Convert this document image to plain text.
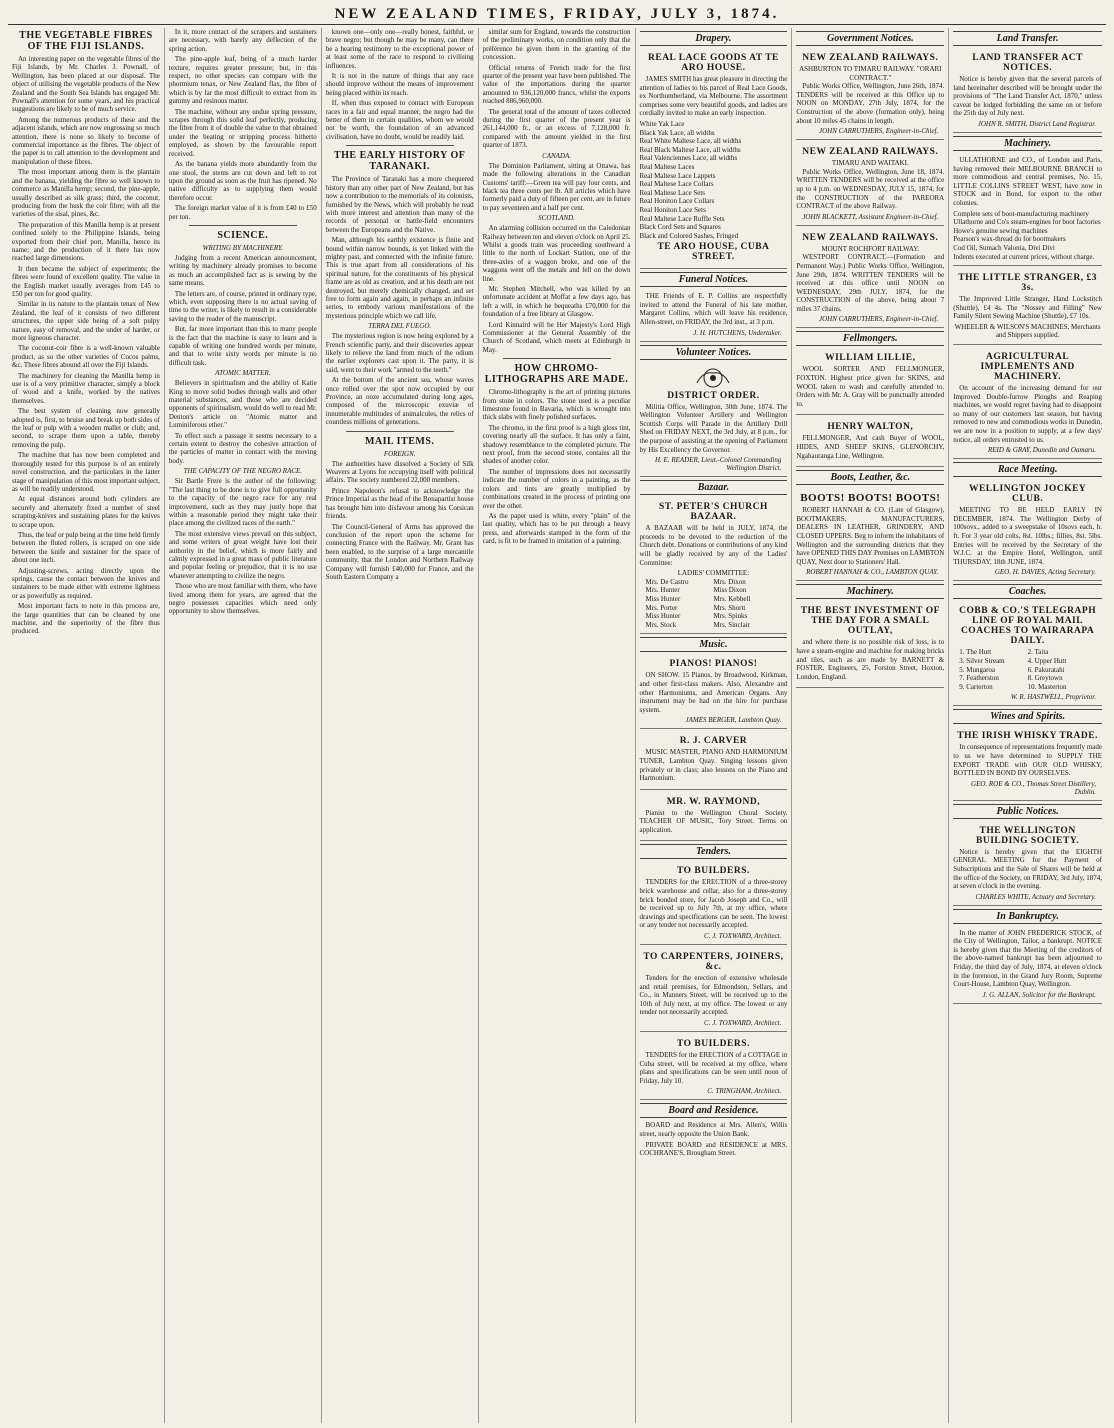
NEW ZEALAND TIMES, FRIDAY, JULY 3, 1874.
THE VEGETABLE FIBRES OF THE FIJI ISLANDS.

An interesting paper on the vegetable fibres of the Fiji Islands, by Mr. Charles J. Pownall, of Wellington, has been placed at our disposal. The object of utilising the vegetable products of the New Zealand and the South Sea Islands has engaged Mr. Pownall's attention for some years, and his practical suggestions are likely to be of much service.

Among the numerous products of these and the adjacent islands, which are now engrossing so much attention, there is none so likely to become of commercial importance as the fibres. The object of the paper is to call attention to the development and manipulation of these fibres.

The most important among them is the plantain and the banana, yielding the fibre so well known to commerce as Manilla hemp; second, the pine-apple, usually described as silk grass; third, the coconut, producing from the husk the coir fibre; with all the varieties of the sisal, pines, &c.

The preparation of this Manilla hemp is at present confined solely to the Philippine Islands, being exported from their chief port, Manilla, hence its name; and the production of it there has now reached large dimensions.

It then became the subject of experiments; the fibres were found of excellent quality. The value in the English market usually averages from £45 to £50 per ton for good quality.

Similar in its nature to the plantain tenax of New Zealand, the leaf of it consists of two different structures, the upper side being of a soft pulpy nature, easy of removal, and the under of harder, or more ligneous character.

The coconut-coir fibre is a well-known valuable product, as so the other varieties of Cocos palms, &c. These fibres abound all over the Fiji Islands.

The machinery for cleaning the Manilla hemp in use is of a very primitive character, simply a block of wood and a knife, worked by the natives themselves.

The best system of cleaning now generally adopted is, first, to bruise and break up both sides of the leaf or pulp with a wooden mallet or club; and, second, to scrape them upon a table, thereby removing the pulp.

The machine that has now been completed and thoroughly tested for this purpose is of an entirely novel construction, and the particulars in the latter stage of manipulation of this most important subject, as will be readily understood.

At equal distances around both cylinders are securely and alternately fixed a number of steel scraping-knives and sustaining plates for the knives to scrape upon.

Thus, the leaf or pulp being at the time held firmly between the fluted rollers, is scraped on one side between the knife and sustainer for the space of about one inch.

Adjusting-screws, acting directly upon the springs, cause the contact between the knives and sustainers to be made either with extreme lightness or as powerfully as required.

Most important facts to note in this process are, the large quantities that can be cleaned by one machine, and the superiority of the fibre thus produced.

In it, more contact of the scrapers and sustainers are necessary, with barely any deflection of the spring action.

The pine-apple leaf, being of a much harder texture, requires greater pressure; but, in this respect, no other species can compare with the phormium tenax, or New Zealand flax, the fibre of which is by far the most difficult to extract from its gummy and resinous matter.

The machine, without any undue spring pressure, scrapes through this solid leaf perfectly, producing the fibre from it of double the value to that obtained under the beating or stripping process hitherto employed, as shown by the favourable report received.

As the banana yields more abundantly from the one stool, the stems are cut down and left to rot upon the ground as soon as the fruit has ripened. No native difficulty as to supplying them would therefore occur.

The foreign market value of it is from £40 to £50 per ton.

SCIENCE.
WRITING BY MACHINERY.

Judging from a recent American announcement, writing by machinery already promises to become as much an accomplished fact as is sewing by the same means.

The letters are, of course, printed in ordinary type, which, even supposing there is no actual saving of time to the writer, is likely to result in a considerable saving to the reader of the manuscript.

But, far more important than this to many people is the fact that the machine is easy to learn and is capable of writing one hundred words per minute, and that to write sixty words per minute is no difficult task.

ATOMIC MATTER.

Believers in spiritualism and the ability of Katie King to move solid bodies through walls and other material substances, and those who are decided opponents of spiritualism, would do well to read Mr. Denton's article on "Atomic matter and Luminiferous ether."

To effect such a passage it seems necessary to a certain extent to destroy the cohesive attraction of the particles of matter in contact with the moving body.

THE CAPACITY OF THE NEGRO RACE.

Sir Bartle Frere is the author of the following: "The last thing to be done is to give full opportunity to the capacity of the negro race for any real improvement, such as they may justly hope that within a reasonable period they might take their place among the civilized races of the earth."

The most extensive views prevail on this subject, and some writers of great weight have lost their authority in the belief, which is more fairly and calmly expressed in a great mass of public literature and popular feeling or prejudice, that it is no use whatever attempting to civilize the negro.

Those who are most familiar with them, who have lived among them for years, are agreed that the negro possesses capacities which need only opportunity to show themselves.

known one—only one—really honest, faithful, or brave negro; but though he may be many, can there be a hearing testimony to the exceptional power of at least some of the race to respond to civilising influences.

It is not in the nature of things that any race should improve without the means of improvement being placed within its reach.

If, when thus exposed to contact with European races in a fair and equal manner, the negro had the better of them in certain qualities, whom we would not be worth, the foundation of an advanced civilisation, have no doubt, would be readily laid.

THE EARLY HISTORY OF TARANAKI.

The Province of Taranaki has a more chequered history than any other part of New Zealand, but has now a contribution to the memorials of its colonists, furnished by the News, which will probably be read with more interest and attention than many of the records of personal or battle-field encounters between the Europeans and the Native.

Man, although his earthly existence is finite and bound within narrow bounds, is yet linked with the mighty past, and connected with the infinite future. This is true apart from all considerations of his spiritual nature, for the constituents of his physical frame are as old as creation, and at his death are not destroyed, but merely chemically changed, and set free to form again and again, in perhaps an infinite series, to embody various manifestations of the mysterious principle which we call life.

TERRA DEL FUEGO.

The mysterious region is now being explored by a French scientific party, and their discoveries appear likely to relieve the land from much of the odium the earlier explorers cast upon it. The party, it is said, went to their work "armed to the teeth."

At the bottom of the ancient sea, whose waves once rolled over the spot now occupied by our Province, an ooze accumulated during long ages, composed of the microscopic exuviæ of innumerable multitudes of animalcules, the relics of countless millions of generations.

MAIL ITEMS.
FOREIGN.

The authorities have dissolved a Society of Silk Weavers at Lyons for occupying itself with political affairs. The society numbered 22,000 members.

Prince Napoleon's refusal to acknowledge the Prince Imperial as the head of the Bonapartist house has brought him into disfavour among his Corsican friends.

The Council-General of Arms has approved the conclusion of the report upon the scheme for connecting France with the Railway. Mr. Grant has been enabled, to the surprise of a large mercantile community, that the London and Northern Railway Company will furnish £40,000 for France, and the South Eastern Company a

similar sum for England, towards the construction of the preliminary works, on condition only that the préférence be given them in the granting of the concession.

Official returns of French trade for the first quarter of the present year have been published. The value of the importations during the quarter amounted to 936,120,000 francs, whilst the exports reached 886,960,000.

The general total of the amount of taxes collected during the first quarter of the present year is 261,144,000 fr., or an excess of 7,128,000 fr. compared with the amount yielded in the first quarter of 1873.

CANADA.

The Dominion Parliament, sitting at Ottawa, has made the following alterations in the Canadian Customs' tariff:—Green tea will pay four cents, and black tea three cents per lb. All articles which have formerly paid a duty of fifteen per cent. are in future to pay seventeen and a half per cent.

SCOTLAND.

An alarming collision occurred on the Caledonian Railway between ten and eleven o'clock on April 25. Whilst a goods train was proceeding southward a little to the north of Lockart Station, one of the three-axles of a waggon broke, and one of the waggons went off the metals and fell on the down line.

Mr. Stephen Mitchell, who was killed by an unfortunate accident at Moffat a few days ago, has left a will, in which he bequeaths £70,000 for the foundation of a free library at Glasgow.

Lord Kinnaird will be Her Majesty's Lord High Commissioner at the General Assembly of the Church of Scotland, which meets at Edinburgh in May.

HOW CHROMO-LITHOGRAPHS ARE MADE.

Chromo-lithography is the art of printing pictures from stone in colors. The stone used is a peculiar limestone found in Bavaria, which is wrought into thick slabs with finely polished surfaces.

The chromo, in the first proof is a high gloss tint, covering nearly all the surface. It has only a faint, shadowy resemblance to the completed picture. The next proof, from the second stone, contains all the shades of another color.

The number of impressions does not necessarily indicate the number of colors in a painting, as the colors and tints are greatly multiplied by combinations created in the process of printing one over the other.

As the paper used is white, every "plain" of the last quality, which has to be put through a heavy press, and afterwards stamped in the form of the card, is fit to be framed in imitation of a painting.

Drapery.
REAL LACE GOODS AT TE ARO HOUSE.

JAMES SMITH has great pleasure in directing the attention of ladies to his parcel of Real Lace Goods, ex Northumberland, via Melbourne. The assortment comprises some very beautiful goods, and ladies are cordially invited to make an early inspection.

White Yak Lace
Black Yak Lace, all widths
Real White Maltese Lace, all widths
Real Black Maltese Lace, all widths
Real Valenciennes Lace, all widths
Real Maltese Laces
Real Maltese Lace Lappets
Real Maltese Lace Collars
Real Maltese Lace Sets
Real Honiton Lace Collars
Real Honiton Lace Sets
Real Maltese Lace Ruffle Sets
Black Cord Sets and Squares
Black and Colored Sashes, Fringed
TE ARO HOUSE, CUBA STREET.
Funeral Notices.

THE Friends of E. P. Collins are respectfully invited to attend the Funeral of his late mother, Margaret Collins, which will leave his residence, Allen-street, on FRIDAY, the 3rd inst., at 3 p.m.

J. H. HUTCHENS, Undertaker.
Volunteer Notices.
DISTRICT ORDER.

Militia Office, Wellington, 30th June, 1874. The Wellington Volunteer Artillery and Wellington Scottish Corps will Parade in the Artillery Drill Shed on FRIDAY NEXT, the 3rd July, at 8 p.m., for the purpose of assisting at the opening of Parliament by His Excellency the Governor.

H. E. READER, Lieut.-Colonel Commanding Wellington District.
Bazaar.
ST. PETER'S CHURCH BAZAAR.

A BAZAAR will be held in JULY, 1874, the proceeds to be devoted to the reduction of the Church debt. Donations or contributions of any kind will be gladly received by any of the Ladies' Committee:

LADIES' COMMITTEE:
Mrs. De Castro	Mrs. Dixon
Mrs. Hunter	Miss Dixon
Miss Hunter	Mrs. Kebbell
Mrs. Porter	Mrs. Shortt
Miss Hunter	Mrs. Spinks
Mrs. Stock	Mrs. Sinclair
Music.
PIANOS! PIANOS!

ON SHOW. 15 Pianos, by Broadwood, Kirkman, and other first-class makers. Also, Alexandre and other Harmoniums, and American Organs. Any instrument may be had on the hire for purchase system.

JAMES BERGER, Lambton Quay.
R. J. CARVER

MUSIC MASTER, PIANO AND HARMONIUM TUNER, Lambton Quay. Singing lessons given privately or in class; also lessons on the Piano and Harmonium.

MR. W. RAYMOND,

Pianist to the Wellington Choral Society. TEACHER OF MUSIC, Tory Street. Terms on application.

Tenders.
TO BUILDERS.

TENDERS for the ERECTION of a three-storey brick warehouse and cellar, also for a three-storey brick bonded store, for Jacob Joseph and Co., will be received up to July 7th, at my office, where drawings and specifications can be seen. The lowest or any tender not necessarily accepted.

C. J. TOXWARD, Architect.
TO CARPENTERS, JOINERS, &c.

Tenders for the erection of extensive wholesale and retail premises, for Edmondson, Sellars, and Co., in Manners Street, will be received up to the 10th of July next, at my office. The lowest or any tender not necessarily accepted.

C. J. TOXWARD, Architect.
TO BUILDERS.

TENDERS for the ERECTION of a COTTAGE in Cuba street, will be received at my office, where plans and specifications can be seen until noon of Friday, July 10.

C. TRINGHAM, Architect.
Board and Residence.

BOARD and Residence at Mrs. Allen's, Willis street, nearly opposite the Union Bank.

PRIVATE BOARD and RESIDENCE at MRS. COCHRANE'S, Brougham Street.

Government Notices.
NEW ZEALAND RAILWAYS.
ASHBURTON TO TIMARU RAILWAY. "ORARI CONTRACT."

Public Works Office, Wellington, June 26th, 1874. TENDERS will be received at this Office up to NOON on MONDAY, 27th July, 1874, for the Construction of the above (formation only), being about 10 miles 45 chains in length.

JOHN CARRUTHERS, Engineer-in-Chief.
NEW ZEALAND RAILWAYS.
TIMARU AND WAITAKI.

Public Works Office, Wellington, June 18, 1874. WRITTEN TENDERS will be received at the office up to 4 p.m. on WEDNESDAY, JULY 15, 1874, for the CONSTRUCTION of the PAREORA CONTRACT of the above Railway.

JOHN BLACKETT, Assistant Engineer-in-Chief.
NEW ZEALAND RAILWAYS.
MOUNT ROCHFORT RAILWAY.

WESTPORT CONTRACT.—(Formation and Permanent Way.) Public Works Office, Wellington, June 29th, 1874. WRITTEN TENDERS will be received at this office until NOON on WEDNESDAY, 29th JULY, 1874, for the CONSTRUCTION of the above, being about 7 miles 37 chains.

JOHN CARRUTHERS, Engineer-in-Chief.
Fellmongers.
WILLIAM LILLIE,

WOOL SORTER AND FELLMONGER, FOXTON. Highest price given for SKINS, and WOOL taken to wash and carefully attended to. Orders with Mr. A. Gray will be punctually attended to.

HENRY WALTON,

FELLMONGER, And cash Buyer of WOOL, HIDES, AND SHEEP SKINS, GLENORCHY, Ngahauranga Line, Wellington.

Boots, Leather, &c.
BOOTS! BOOTS! BOOTS!

ROBERT HANNAH & CO. (Late of Glasgow), BOOTMAKERS, MANUFACTURERS, DEALERS IN LEATHER, GRINDERY, AND CLOSED UPPERS. Beg to inform the inhabitants of Wellington and the surrounding districts that they have OPENED THIS DAY Premises on LAMBTON QUAY, Next door to Stationers' Hall.

ROBERT HANNAH & CO., LAMBTON QUAY.
Machinery.
THE BEST INVESTMENT OF THE DAY FOR A SMALL OUTLAY,

and where there is no possible risk of loss, is to have a steam-engine and machine for making bricks and tiles, such as are made by BARNETT & FOSTER, Engineers, 25, Forston Street, Hoxton, London, England.

Land Transfer.
LAND TRANSFER ACT NOTICES.

Notice is hereby given that the several parcels of land hereinafter described will be brought under the provisions of "The Land Transfer Act, 1870," unless caveat be lodged forbidding the same on or before the 25th day of July next.

JOHN R. SMITH, District Land Registrar.
Machinery.

ULLATHORNE and CO., of London and Paris, having removed their MELBOURNE BRANCH to more commodious and central premises, No. 15, LITTLE COLLINS STREET WEST, have now in STOCK and in Bond, for export to the other colonies.

Complete sets of boot-manufacturing machinery
Ullathorne and Co's steam-engines for boot factories
Howe's genuine sewing machines
Pearson's wax-thread do for bootmakers
Cod Oil, Sumach Valonia, Divi Divi
Indents executed at current prices, without charge.
THE LITTLE STRANGER, £3 3s.

The Improved Little Stranger, Hand Lockstitch (Shuttle), £4 4s. The "Nossey and Filling" New Family Silent Sewing Machine (Shuttle), £7 10s.

WHEELER & WILSON'S MACHINES, Merchants and Shippers supplied.
AGRICULTURAL IMPLEMENTS AND MACHINERY.

On account of the increasing demand for our Improved Double-furrow Ploughs and Reaping machines, we would regret having had to disappoint so many of our customers last season, but having removed to new and commodious works in Dunedin, we are now in a position to supply, at a few days' notice, all orders entrusted to us.

REID & GRAY, Dunedin and Oamaru.
Race Meeting.
WELLINGTON JOCKEY CLUB.

MEETING TO BE HELD EARLY IN DECEMBER, 1874. The Wellington Derby of 100sovs., added to a sweepstake of 10sovs each, h. ft. For 3 year old colts, 8st. 10lbs.; fillies, 8st. 5lbs. Entries will be received by the Secretary of the W.J.C. at the Empire Hotel, Wellington, until THURSDAY, 18th JUNE, 1874.

GEO. H. DAVIES, Acting Secretary.
Coaches.
COBB & CO.'S TELEGRAPH LINE OF ROYAL MAIL COACHES TO WAIRARAPA DAILY.
1. The Hutt	2. Taita
3. Silver Stream	4. Upper Hutt
5. Mungaroa	6. Pakuratahi
7. Featherston	8. Greytown
9. Carterton	10. Masterton
W. R. HASTWELL, Proprietor.
Wines and Spirits.
THE IRISH WHISKY TRADE.

In consequence of representations frequently made to us we have determined to SUPPLY THE EXPORT TRADE with OUR OLD WHISKY, BOTTLED IN BOND BY OURSELVES.

GEO. ROE & CO., Thomas Street Distillery, Dublin.
Public Notices.
THE WELLINGTON BUILDING SOCIETY.

Notice is hereby given that the EIGHTH GENERAL MEETING for the Payment of Subscriptions and the Sale of Shares will be held at the office of the Society, on FRIDAY, 3rd July, 1874, at seven o'clock in the evening.

CHARLES WHITE, Actuary and Secretary.
In Bankruptcy.

In the matter of JOHN FREDERICK STOCK, of the City of Wellington, Tailor, a bankrupt. NOTICE is hereby given that the Meeting of the creditors of the above-named bankrupt has been adjourned to Friday, the third day of July, 1874, at eleven o'clock in the forenoon, in the Grand Jury Room, Supreme Court-House, Lambton Quay, Wellington.

J. G. ALLAN, Solicitor for the Bankrupt.
